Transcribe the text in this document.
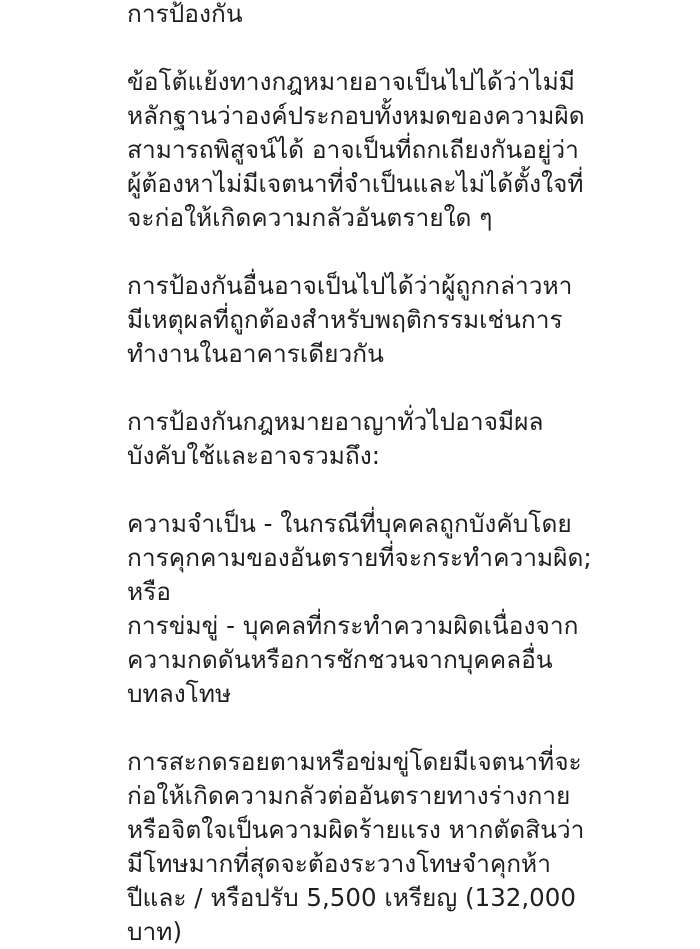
การป้องกัน
ข้อโต้แย้งทางกฎหมายอาจเป็นไปได้ว่าไม่มี
หลักฐานว่าองค์ประกอบทั้งหมดของความผิด
สามารถพิสูจน์ได้ อาจเป็นที่ถกเถียงกันอยู่ว่า
ผู้ต้องหาไม่มีเจตนาที่จำเป็นและไม่ได้ตั้งใจที่
จะก่อให้เกิดความกลัวอันตรายใด ๆ
การป้องกันอื่นอาจเป็นไปได้ว่าผู้ถูกกล่าวหา
มีเหตุผลที่ถูกต้องสำหรับพฤติกรรมเช่นการ
ทำงานในอาคารเดียวกัน
การป้องกันกฎหมายอาญาทั่วไปอาจมีผล
บังคับใช้และอาจรวมถึง:
ความจำเป็น - ในกรณีที่บุคคลถูกบังคับโดย
การคุกคามของอันตรายที่จะกระทำความผิด;
หรือ
การข่มขู่ - บุคคลที่กระทำความผิดเนื่องจาก
ความกดดันหรือการชักชวนจากบุคคลอื่น
บทลงโทษ
การสะกดรอยตามหรือข่มขู่โดยมีเจตนาที่จะ
ก่อให้เกิดความกลัวต่ออันตรายทางร่างกาย
หรือจิตใจเป็นความผิดร้ายแรง หากตัดสินว่า
มีโทษมากที่สุดจะต้องระวางโทษจำคุกห้า
ปีและ / หรือปรับ 5,500 เหรียญ (132,000
บาท)
